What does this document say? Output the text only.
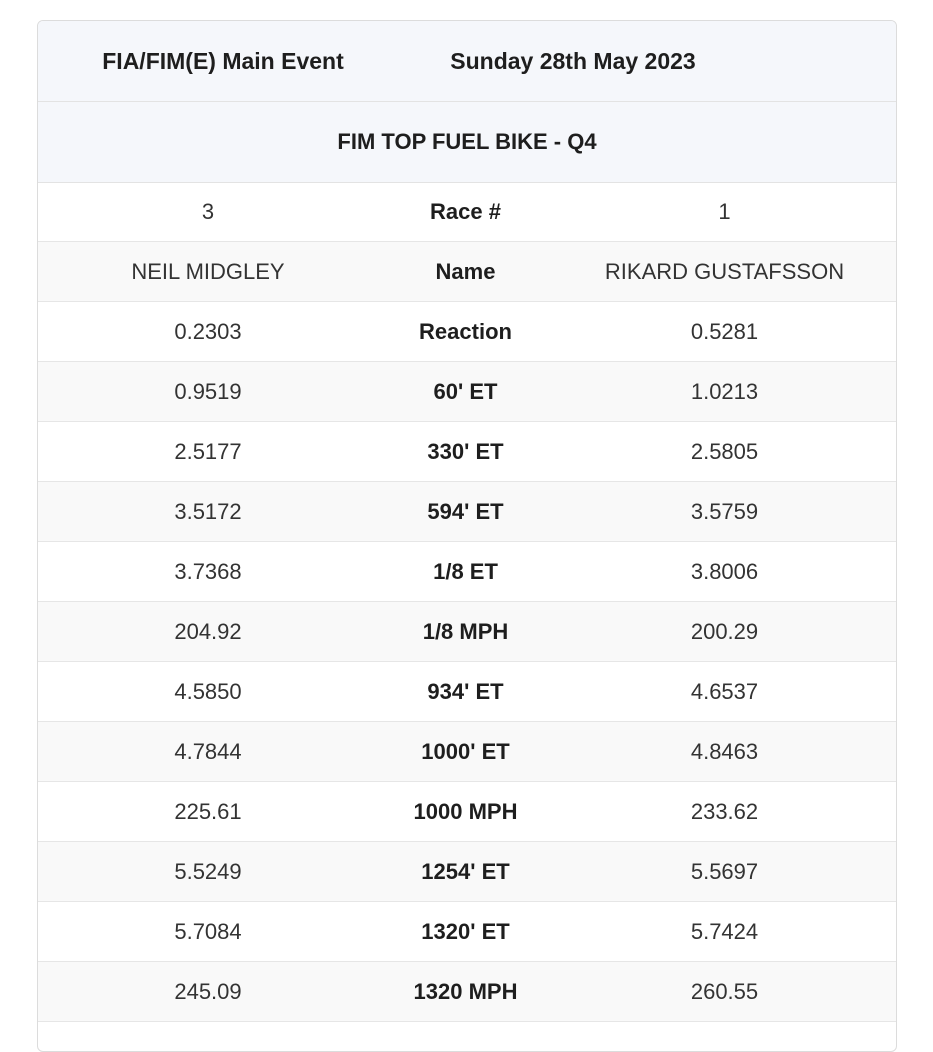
FIA/FIM(E) Main Event	Sunday 28th May 2023
FIM TOP FUEL BIKE - Q4
3	Race #	1
NEIL MIDGLEY	Name	RIKARD GUSTAFSSON
0.2303	Reaction	0.5281
0.9519	60' ET	1.0213
2.5177	330' ET	2.5805
3.5172	594' ET	3.5759
3.7368	1/8 ET	3.8006
204.92	1/8 MPH	200.29
4.5850	934' ET	4.6537
4.7844	1000' ET	4.8463
225.61	1000 MPH	233.62
5.5249	1254' ET	5.5697
5.7084	1320' ET	5.7424
245.09	1320 MPH	260.55
